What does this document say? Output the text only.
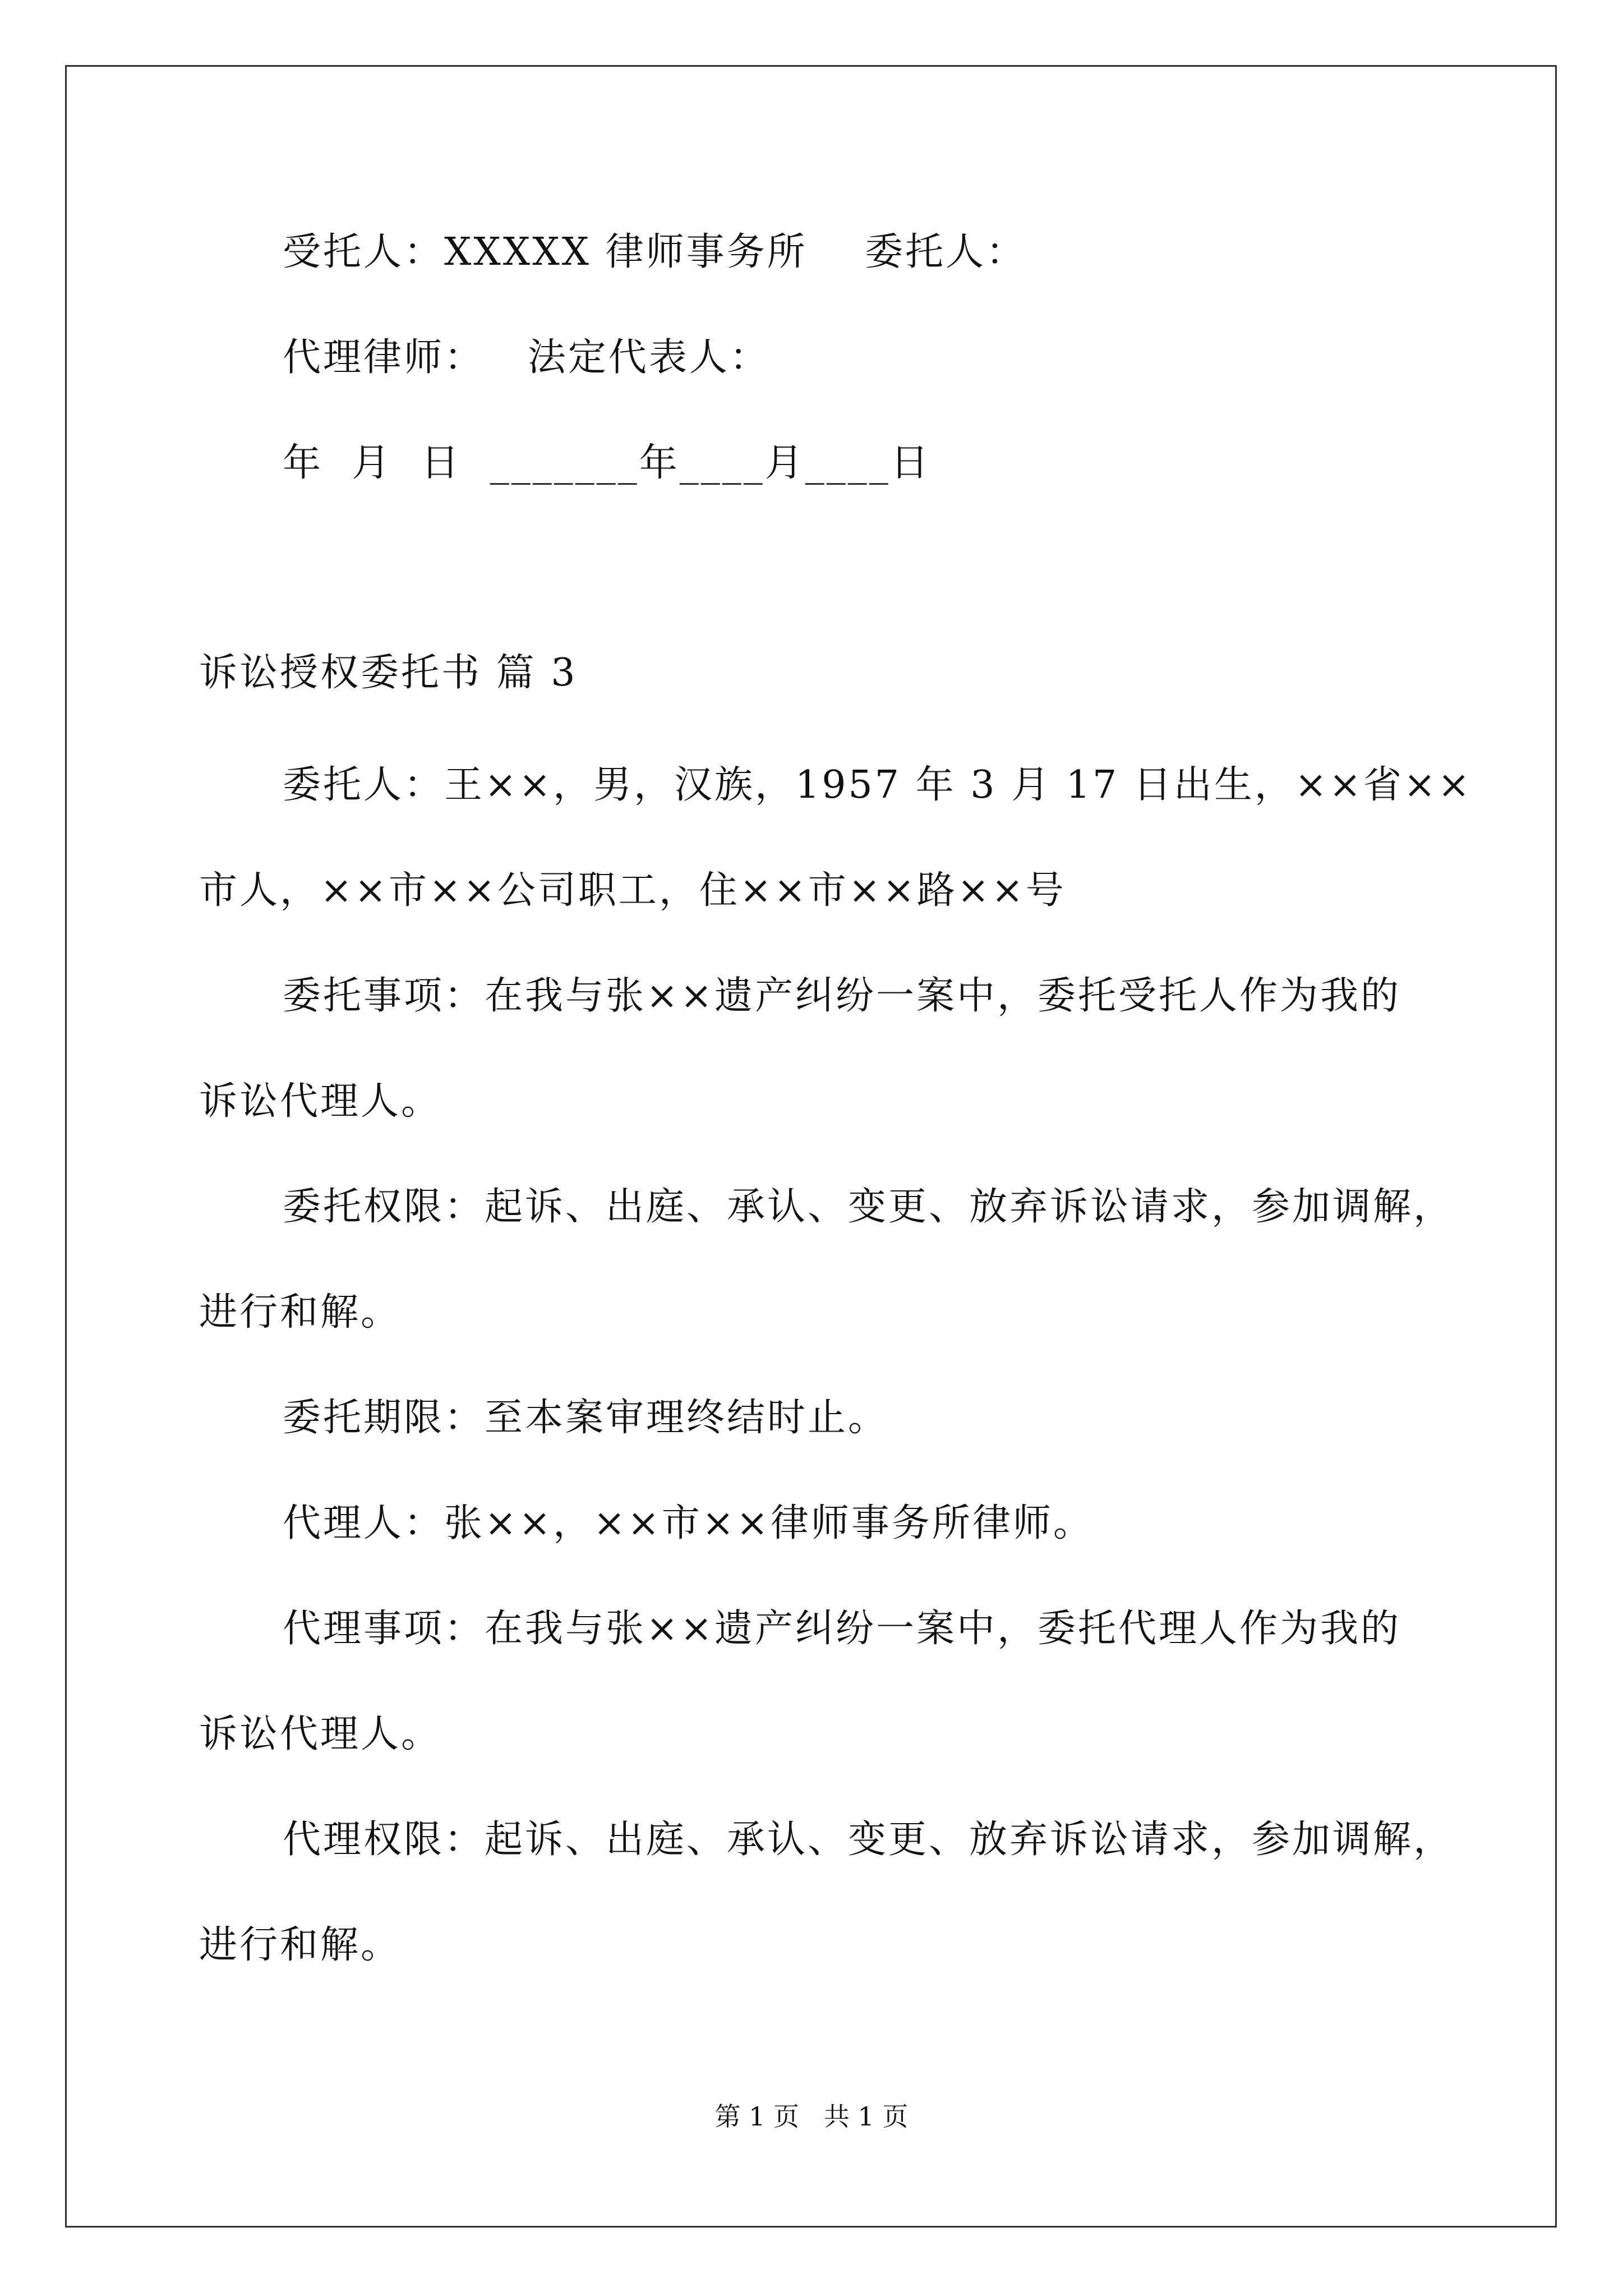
受托人：XXXXX 律师事务所    委托人：
代理律师：   法定代表人：
年  月  日  _______年____月____日
诉讼授权委托书 篇 3
委托人：王××，男，汉族，1957 年 3 月 17 日出生，××省××
市人，××市××公司职工，住××市××路××号
委托事项：在我与张××遗产纠纷一案中，委托受托人作为我的
诉讼代理人。
委托权限：起诉、出庭、承认、变更、放弃诉讼请求，参加调解，
进行和解。
委托期限：至本案审理终结时止。
代理人：张××，××市××律师事务所律师。
代理事项：在我与张××遗产纠纷一案中，委托代理人作为我的
诉讼代理人。
代理权限：起诉、出庭、承认、变更、放弃诉讼请求，参加调解，
进行和解。
第 1 页   共 1 页
